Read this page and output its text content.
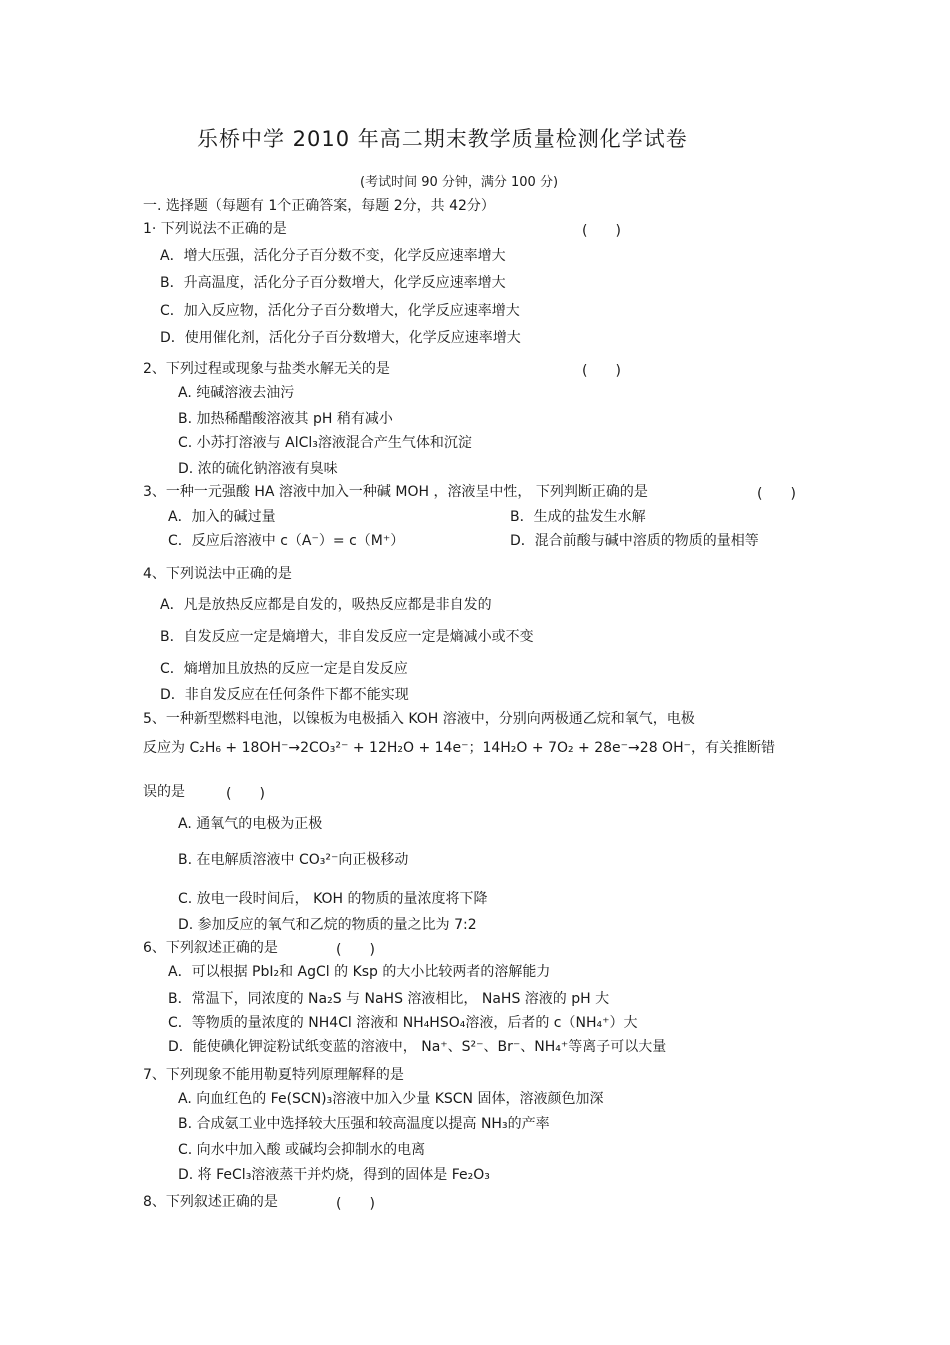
乐桥中学 2010 年高二期末教学质量检测化学试卷
(考试时间 90 分钟，满分 100 分)
一. 选择题（每题有 1个正确答案，每题 2分，共 42分）
1· 下列说法不正确的是	(　　)
A．增大压强，活化分子百分数不变，化学反应速率增大
B．升高温度，活化分子百分数增大，化学反应速率增大
C．加入反应物，活化分子百分数增大，化学反应速率增大
D．使用催化剂，活化分子百分数增大，化学反应速率增大
2、下列过程或现象与盐类水解无关的是	(　　)
A. 纯碱溶液去油污
B. 加热稀醋酸溶液其 pH 稍有减小
C. 小苏打溶液与 AlCl₃溶液混合产生气体和沉淀
D. 浓的硫化钠溶液有臭味
3、一种一元强酸 HA 溶液中加入一种碱 MOH ，溶液呈中性， 下列判断正确的是	(　　)
A．加入的碱过量	B．生成的盐发生水解
C．反应后溶液中 c（A⁻）= c（M⁺）	D．混合前酸与碱中溶质的物质的量相等
4、下列说法中正确的是
A．凡是放热反应都是自发的，吸热反应都是非自发的
B．自发反应一定是熵增大，非自发反应一定是熵减小或不变
C．熵增加且放热的反应一定是自发反应
D．非自发反应在任何条件下都不能实现
5、一种新型燃料电池，以镍板为电极插入 KOH 溶液中，分别向两极通乙烷和氧气，电极
反应为 C₂H₆ + 18OH⁻→2CO₃²⁻ + 12H₂O + 14e⁻；14H₂O + 7O₂ + 28e⁻→28 OH⁻，有关推断错
误的是	(　　)
A. 通氧气的电极为正极
B. 在电解质溶液中 CO₃²⁻向正极移动
C. 放电一段时间后， KOH 的物质的量浓度将下降
D. 参加反应的氧气和乙烷的物质的量之比为 7:2
6、下列叙述正确的是	(　　)
A．可以根据 PbI₂和 AgCl 的 Ksp 的大小比较两者的溶解能力
B．常温下，同浓度的 Na₂S 与 NaHS 溶液相比， NaHS 溶液的 pH 大
C．等物质的量浓度的 NH4Cl 溶液和 NH₄HSO₄溶液，后者的 c（NH₄⁺）大
D．能使碘化钾淀粉试纸变蓝的溶液中， Na⁺、S²⁻、Br⁻、NH₄⁺等离子可以大量
7、下列现象不能用勒夏特列原理解释的是
A. 向血红色的 Fe(SCN)₃溶液中加入少量 KSCN 固体，溶液颜色加深
B. 合成氨工业中选择较大压强和较高温度以提高 NH₃的产率
C. 向水中加入酸 或碱均会抑制水的电离
D. 将 FeCl₃溶液蒸干并灼烧，得到的固体是 Fe₂O₃
8、下列叙述正确的是	(　　)
